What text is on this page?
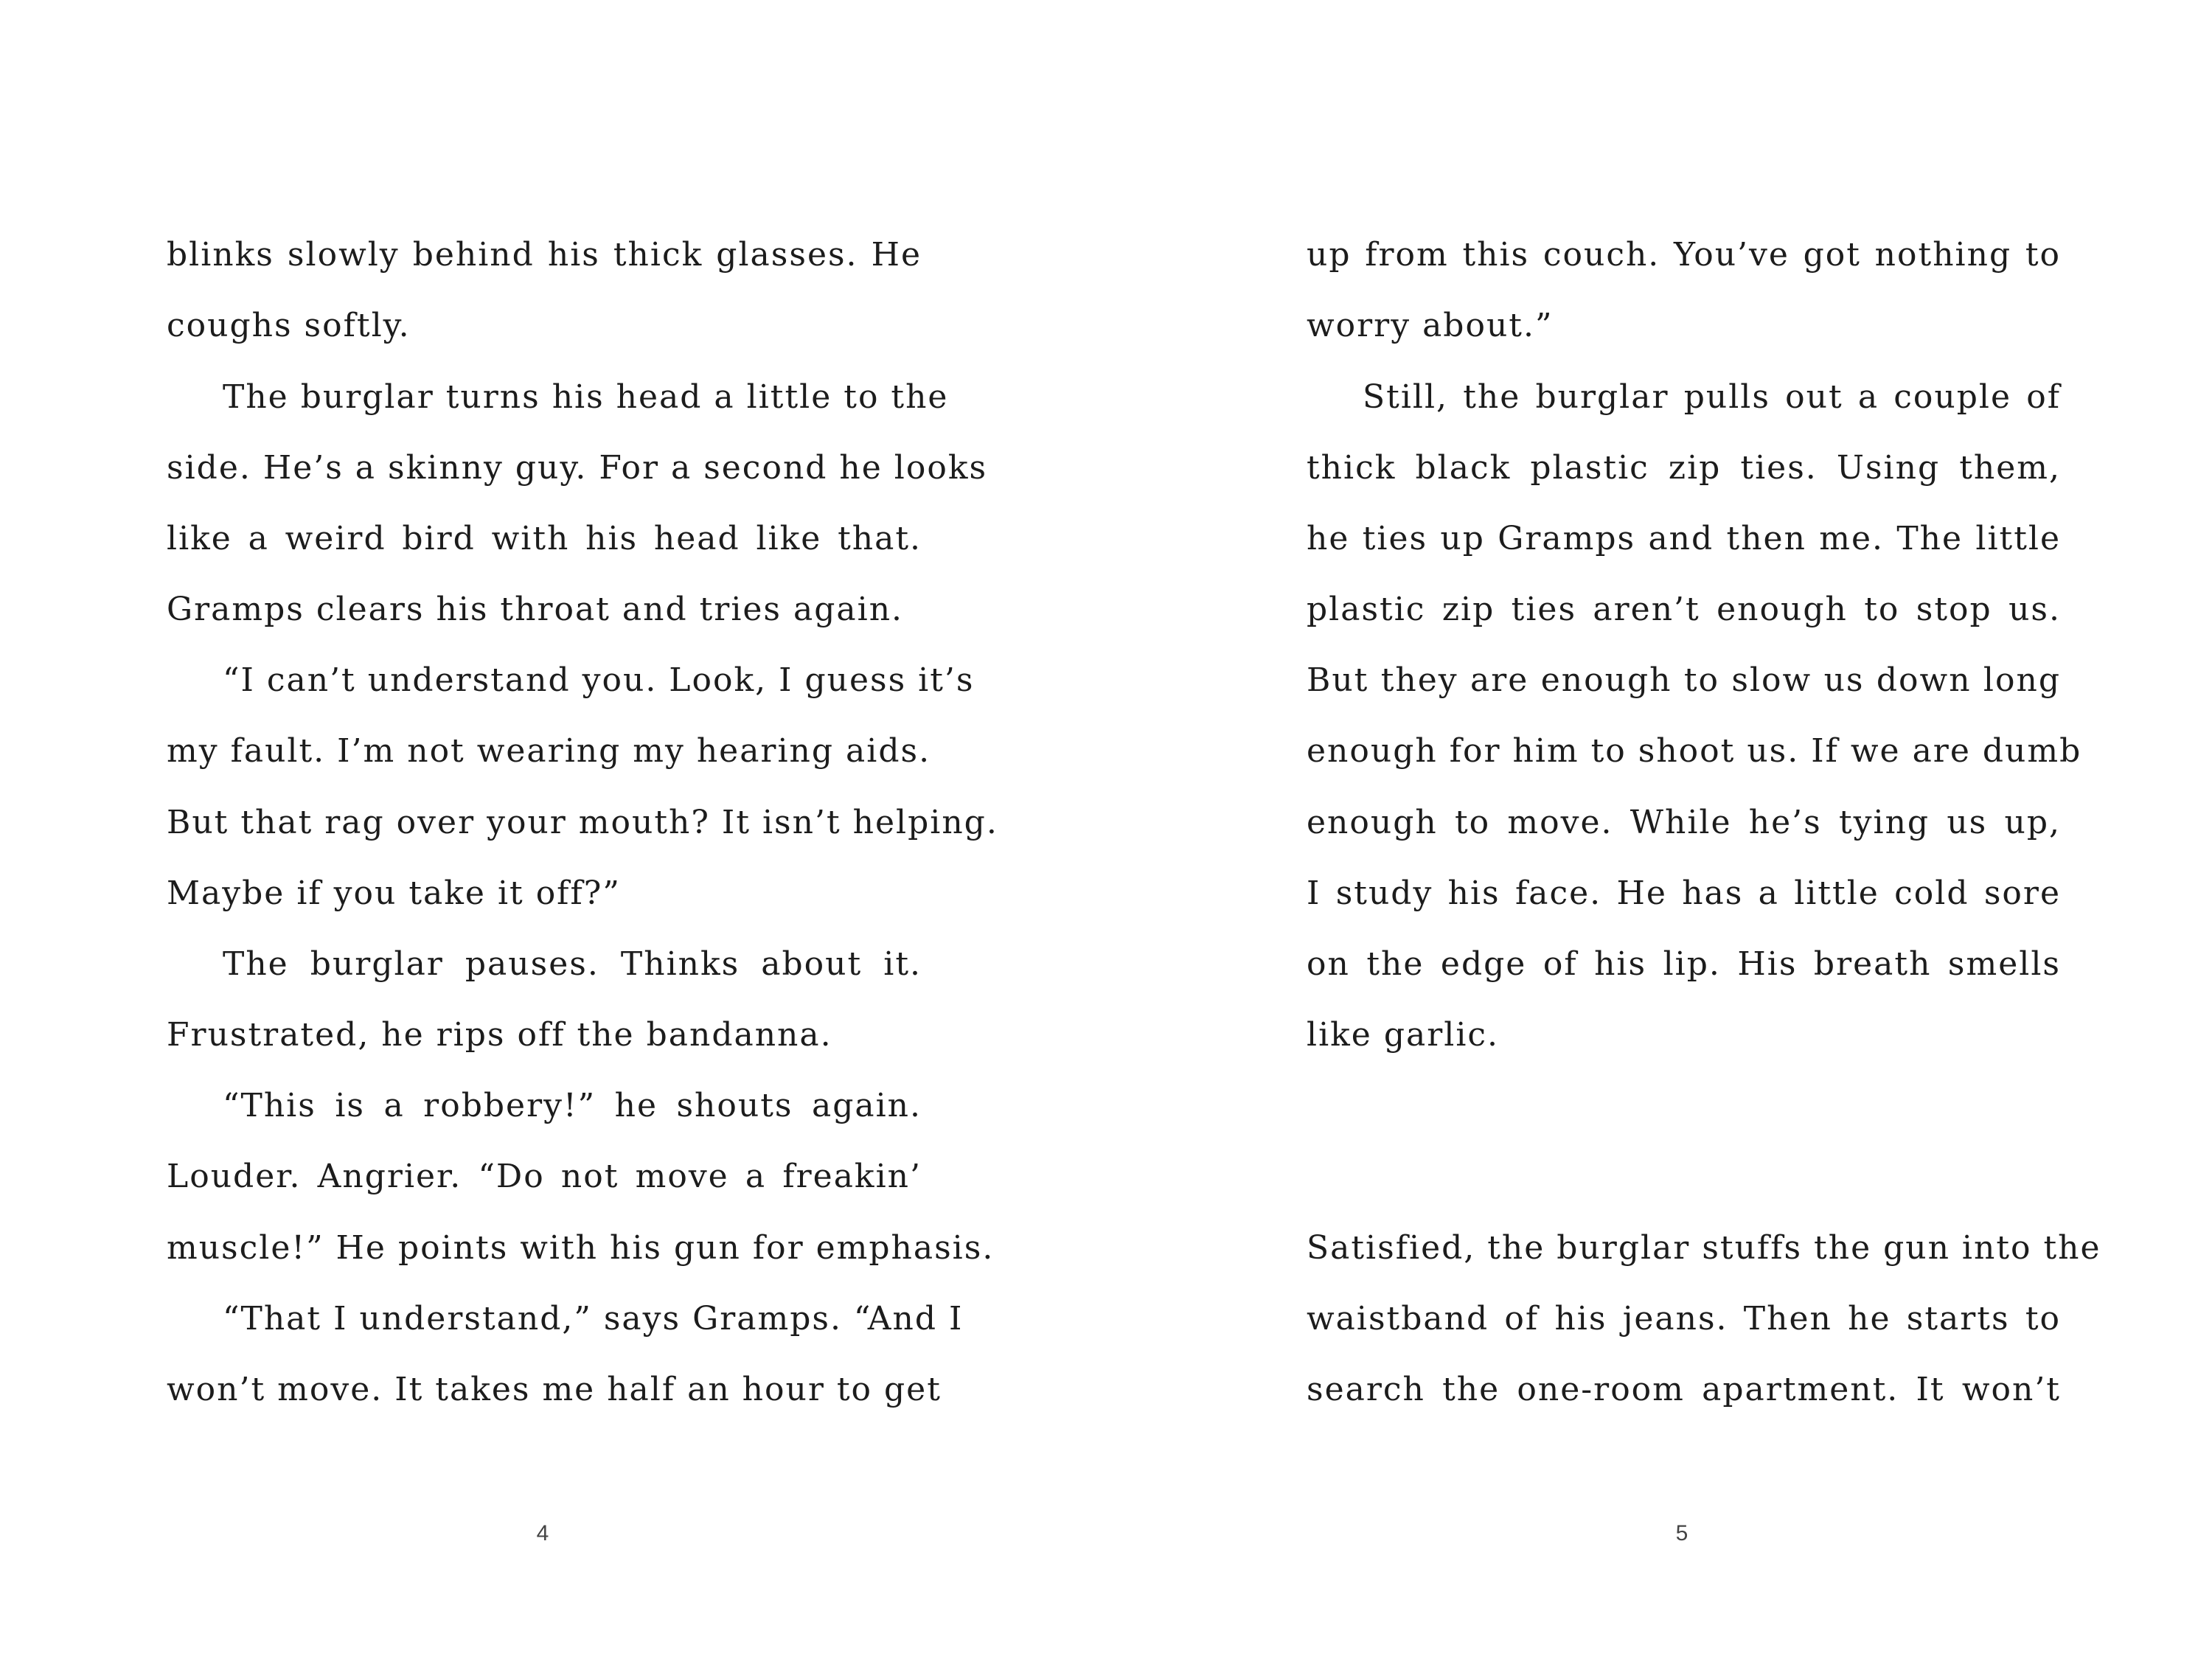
blinks slowly behind his thick glasses. He
coughs softly.
The burglar turns his head a little to the
side. He’s a skinny guy. For a second he looks
like a weird bird with his head like that.
Gramps clears his throat and tries again.
“I can’t understand you. Look, I guess it’s
my fault. I’m not wearing my hearing aids.
But that rag over your mouth? It isn’t helping.
Maybe if you take it off?”
The burglar pauses. Thinks about it.
Frustrated, he rips off the bandanna.
“This is a robbery!” he shouts again.
Louder. Angrier. “Do not move a freakin’
muscle!” He points with his gun for emphasis.
“That I understand,” says Gramps. “And I
won’t move. It takes me half an hour to get
4
up from this couch. You’ve got nothing to
worry about.”
Still, the burglar pulls out a couple of
thick black plastic zip ties. Using them,
he ties up Gramps and then me. The little
plastic zip ties aren’t enough to stop us.
But they are enough to slow us down long
enough for him to shoot us. If we are dumb
enough to move. While he’s tying us up,
I study his face. He has a little cold sore
on the edge of his lip. His breath smells
like garlic.
Satisfied, the burglar stuffs the gun into the
waistband of his jeans. Then he starts to
search the one-room apartment. It won’t
5
